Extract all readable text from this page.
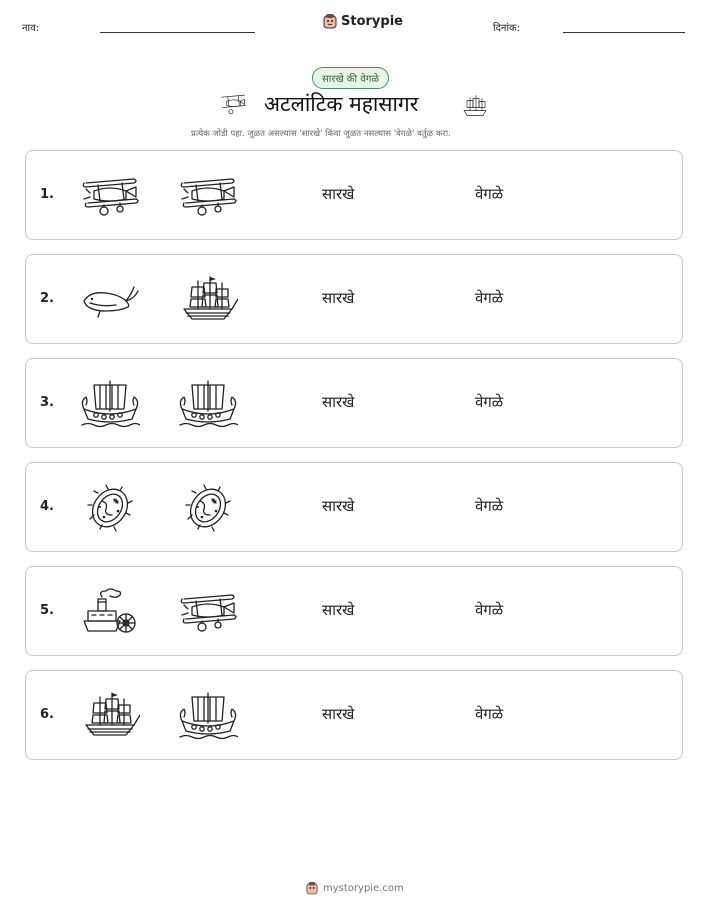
नाव:	Storypie	दिनांक:
सारखे की वेगळे
अटलांटिक महासागर
प्रत्येक जोडी पहा. जुळत असल्यास 'सारखे' किंवा जुळत नसल्यास 'वेगळे' वर्तुळ करा.
1.	सारखे	वेगळे
2.	सारखे	वेगळे
3.	सारखे	वेगळे
4.	सारखे	वेगळे
5.	सारखे	वेगळे
6.	सारखे	वेगळे
mystorypie.com
